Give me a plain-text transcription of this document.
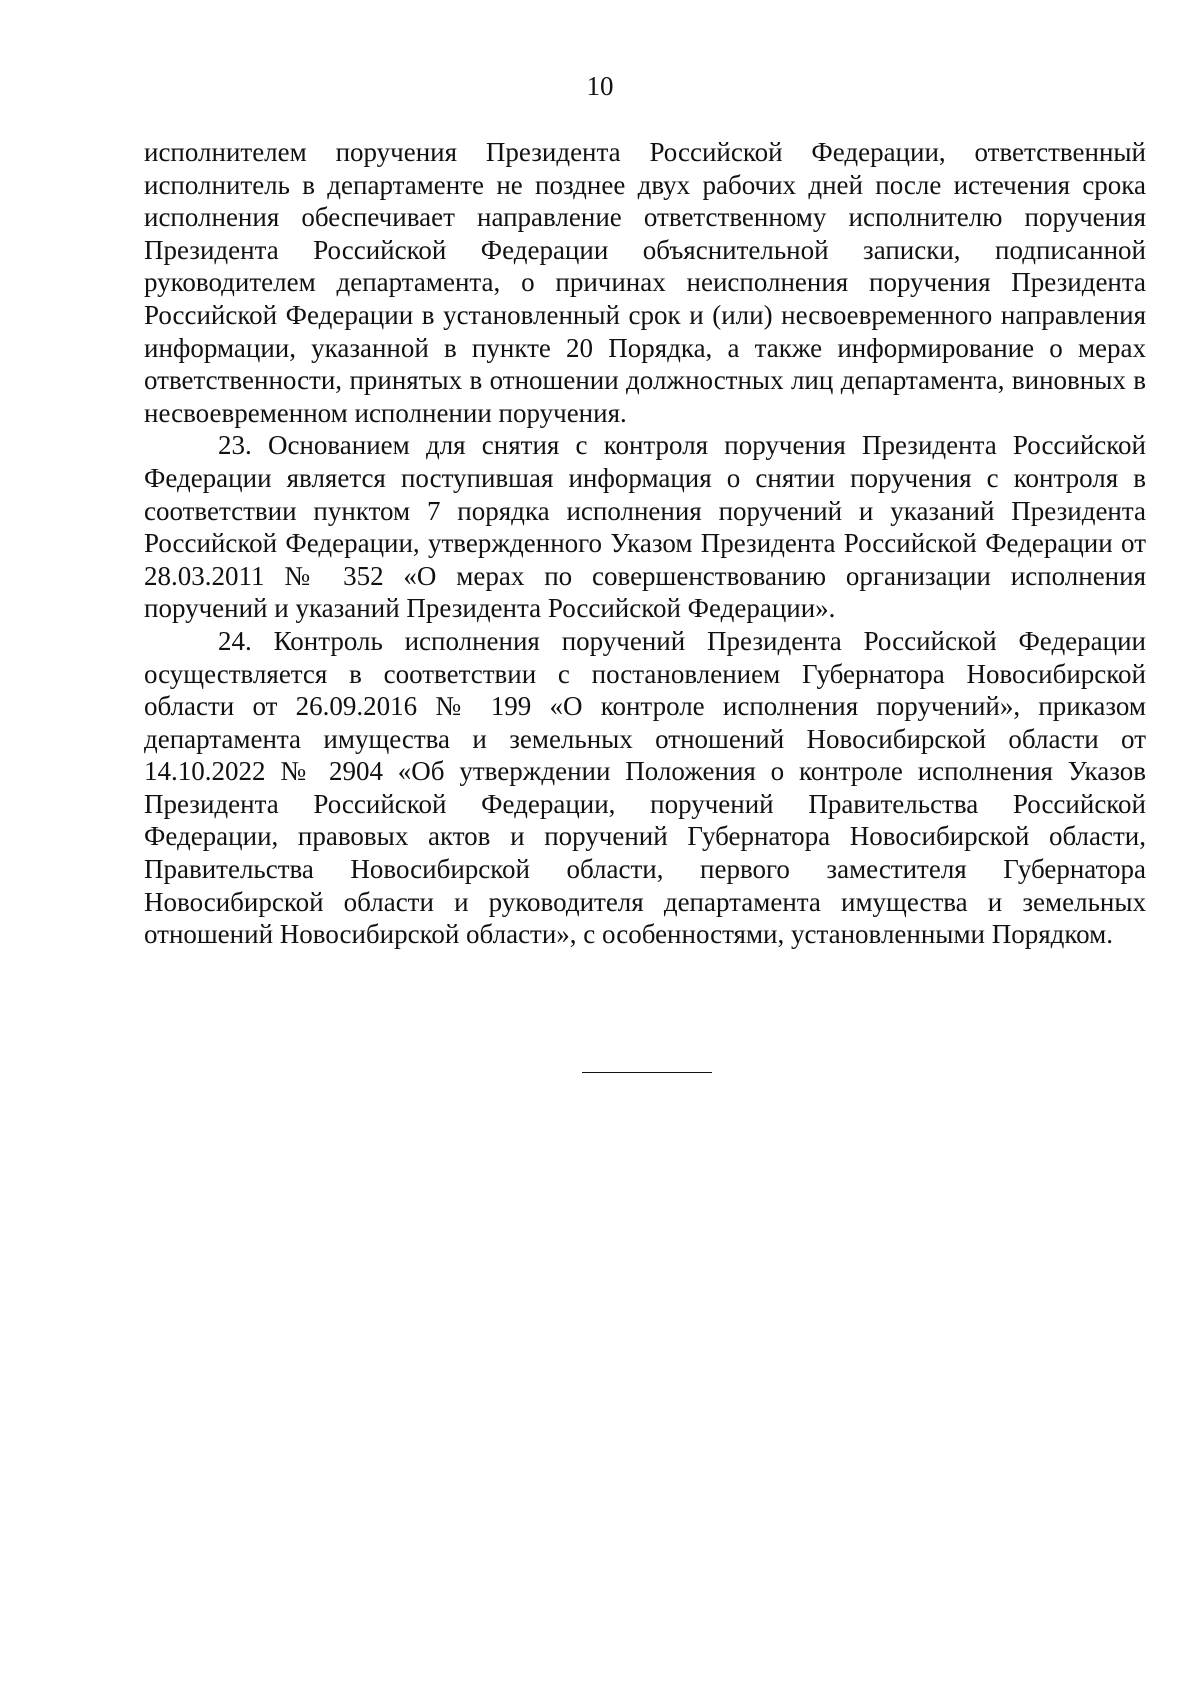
10

исполнителем поручения Президента Российской Федерации, ответственный исполнитель в департаменте не позднее двух рабочих дней после истечения срока исполнения обеспечивает направление ответственному исполнителю поручения Президента Российской Федерации объяснительной записки, подписанной руководителем департамента, о причинах неисполнения поручения Президента Российской Федерации в установленный срок и (или) несвоевременного направления информации, указанной в пункте 20 Порядка, а также информирование о мерах ответственности, принятых в отношении должностных лиц департамента, виновных в несвоевременном исполнении поручения.

23. Основанием для снятия с контроля поручения Президента Российской Федерации является поступившая информация о снятии поручения с контроля в соответствии пунктом 7 порядка исполнения поручений и указаний Президента Российской Федерации, утвержденного Указом Президента Российской Федерации от 28.03.2011 № 352 «О мерах по совершенствованию организации исполнения поручений и указаний Президента Российской Федерации».

24. Контроль исполнения поручений Президента Российской Федерации осуществляется в соответствии с постановлением Губернатора Новосибирской области от 26.09.2016 № 199 «О контроле исполнения поручений», приказом департамента имущества и земельных отношений Новосибирской области от 14.10.2022 № 2904 «Об утверждении Положения о контроле исполнения Указов Президента Российской Федерации, поручений Правительства Российской Федерации, правовых актов и поручений Губернатора Новосибирской области, Правительства Новосибирской области, первого заместителя Губернатора Новосибирской области и руководителя департамента имущества и земельных отношений Новосибирской области», с особенностями, установленными Порядком.
